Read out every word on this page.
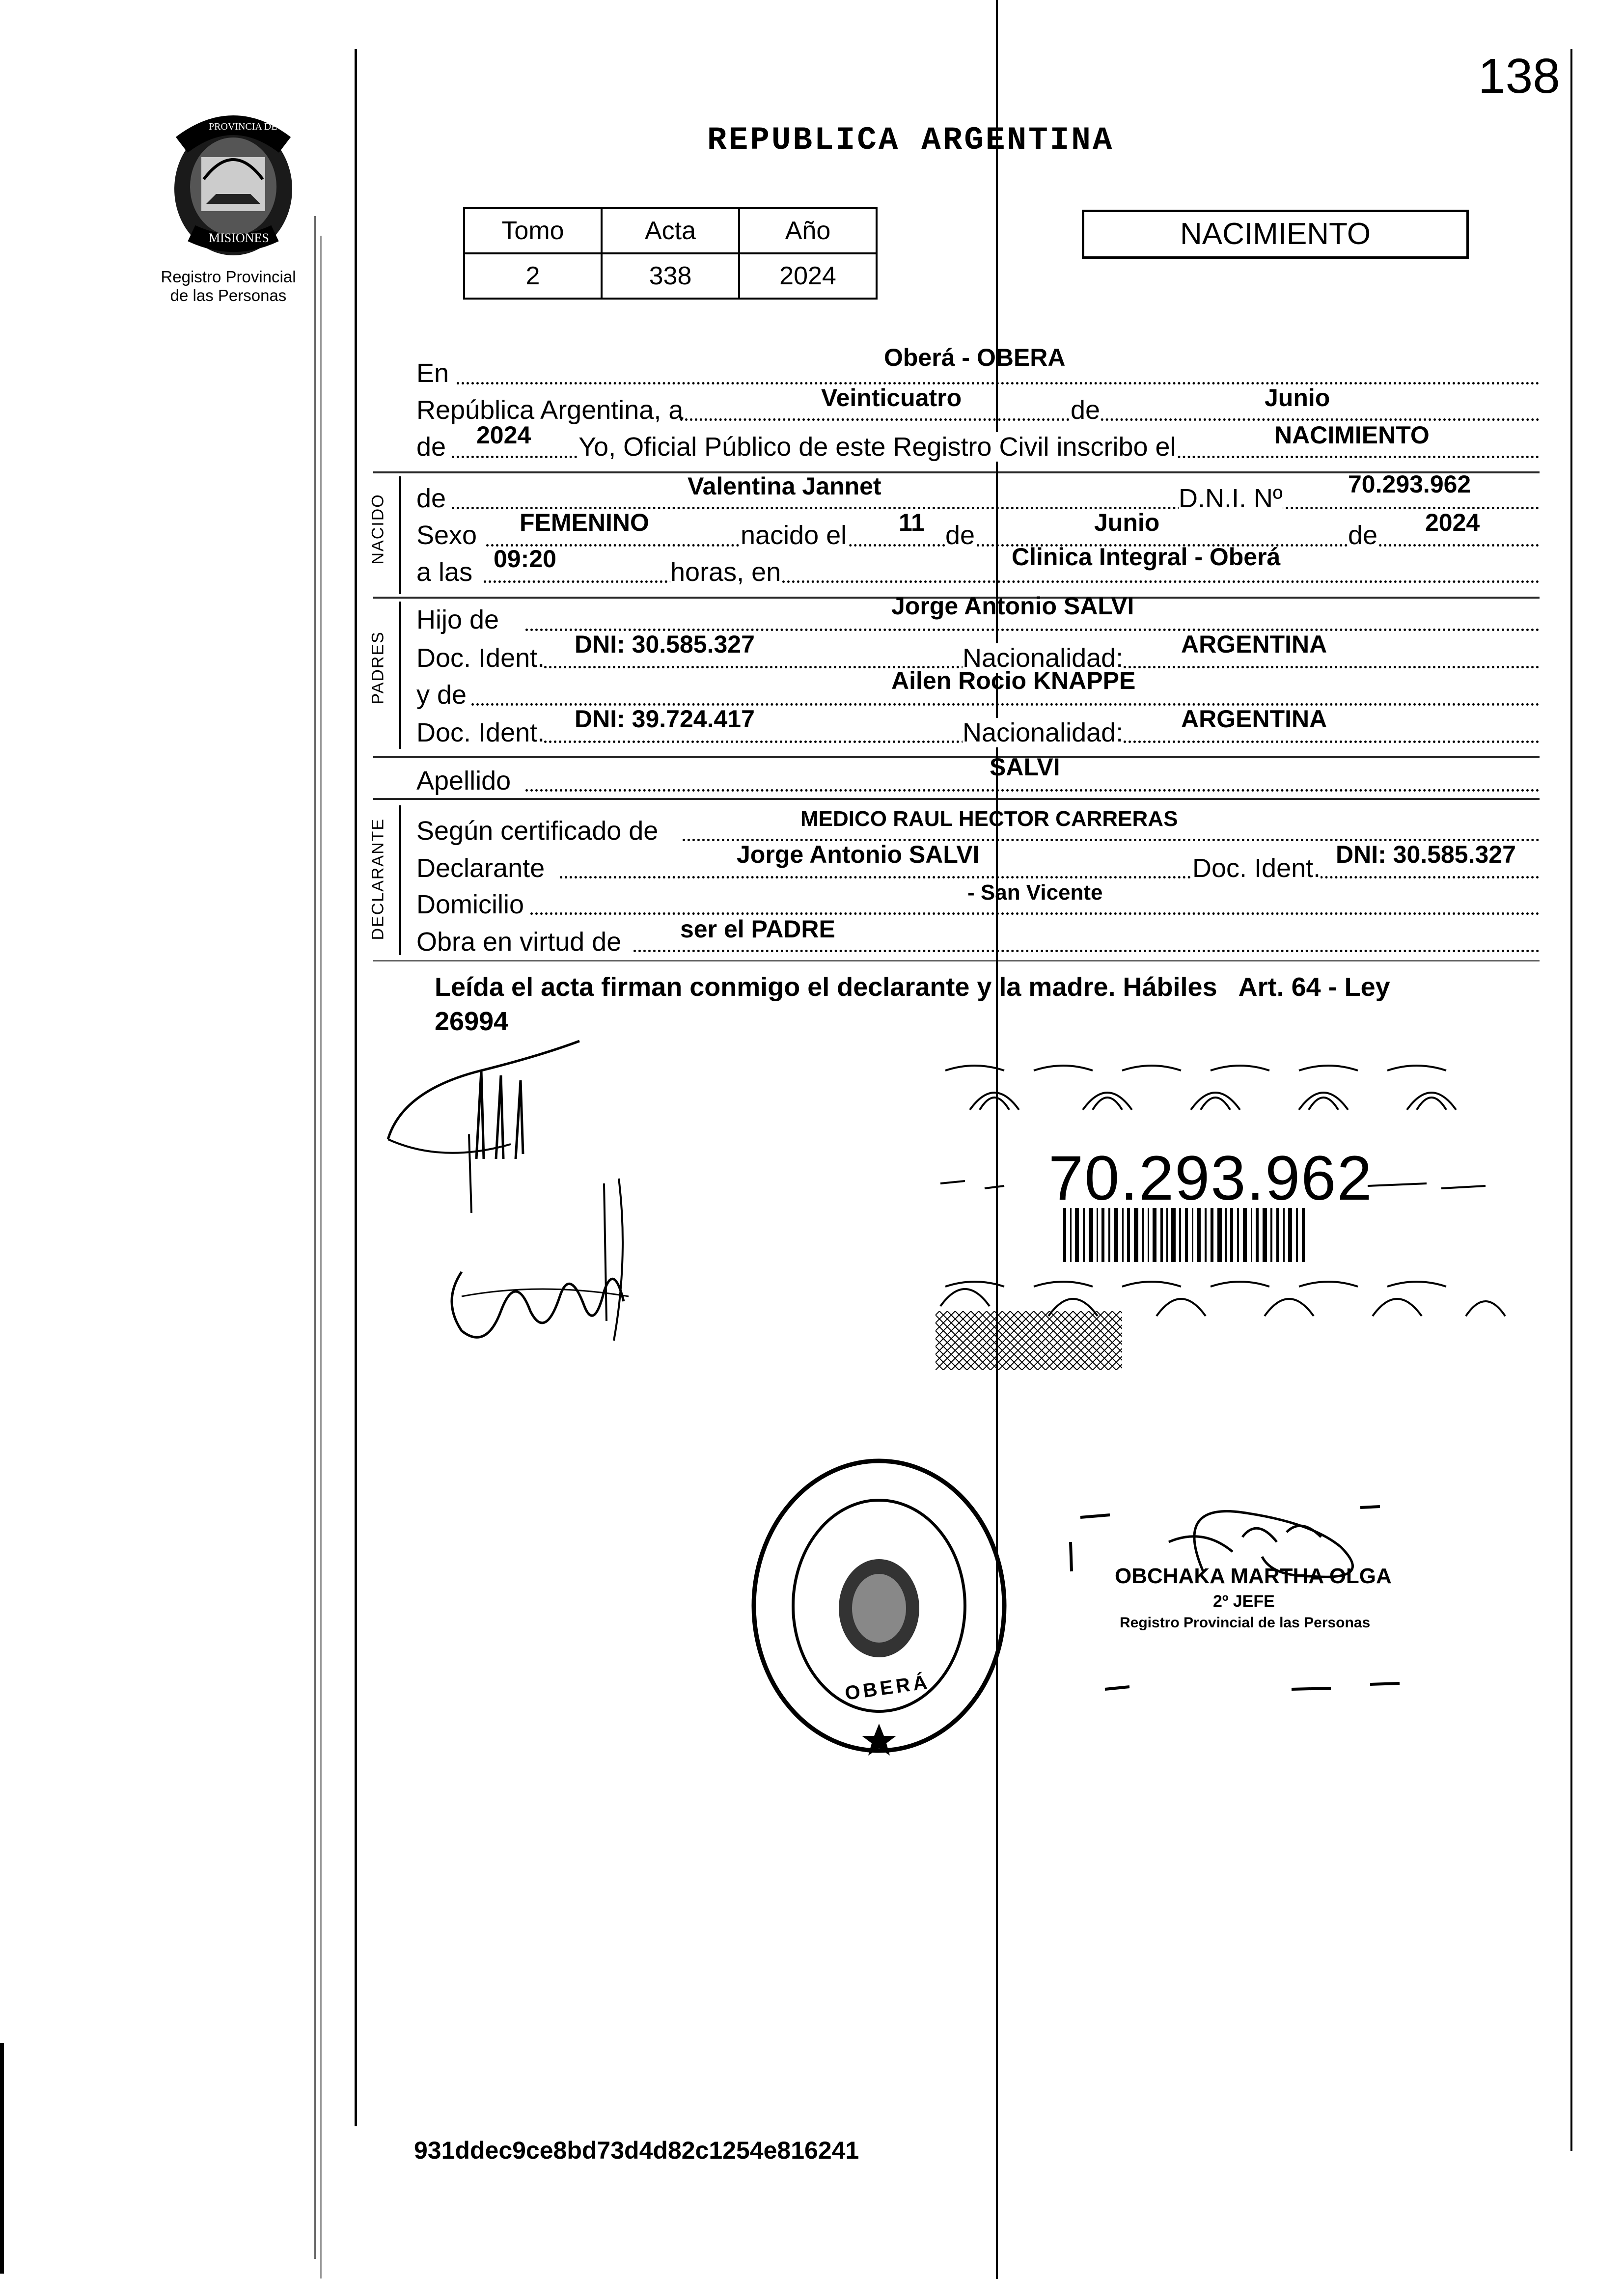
138
PROVINCIA DE
MISIONES
Registro Provincial
de las Personas
REPUBLICA ARGENTINA
Tomo	Acta	Año
2	338	2024
NACIMIENTO
En
Oberá - OBERA
República Argentina, a	Veinticuatro	de	Junio
de 2024 Yo, Oficial Público de este Registro Civil inscribo el	NACIMIENTO
NACIDO de	Valentina Jannet	D.N.I. Nº	70.293.962
Sexo FEMENINO	nacido el 11 de	Junio	de 2024
a las 09:20	horas, en
Clinica Integral - Oberá
PADRES
Hijo de	Jorge Antonio SALVI
Doc. Ident. DNI: 30.585.327	Nacionalidad: ARGENTINA
y de	Ailen Rocio KNAPPE
Doc. Ident. DNI: 39.724.417	Nacionalidad: ARGENTINA
Apellido	SALVI
DECLARANTE Según certificado de	MEDICO RAUL HECTOR CARRERAS
Declarante	Jorge Antonio SALVI	Doc. Ident. DNI: 30.585.327
Domicilio	- San Vicente
Obra en virtud de ser el PADRE
Leída el acta firman conmigo el declarante y la madre. Hábiles   Art. 64 - Ley
26994
70.293.962
OBERÁ
OBCHAKA MARTHA OLGA
2º JEFE
Registro Provincial de las Personas
931ddec9ce8bd73d4d82c1254e816241
